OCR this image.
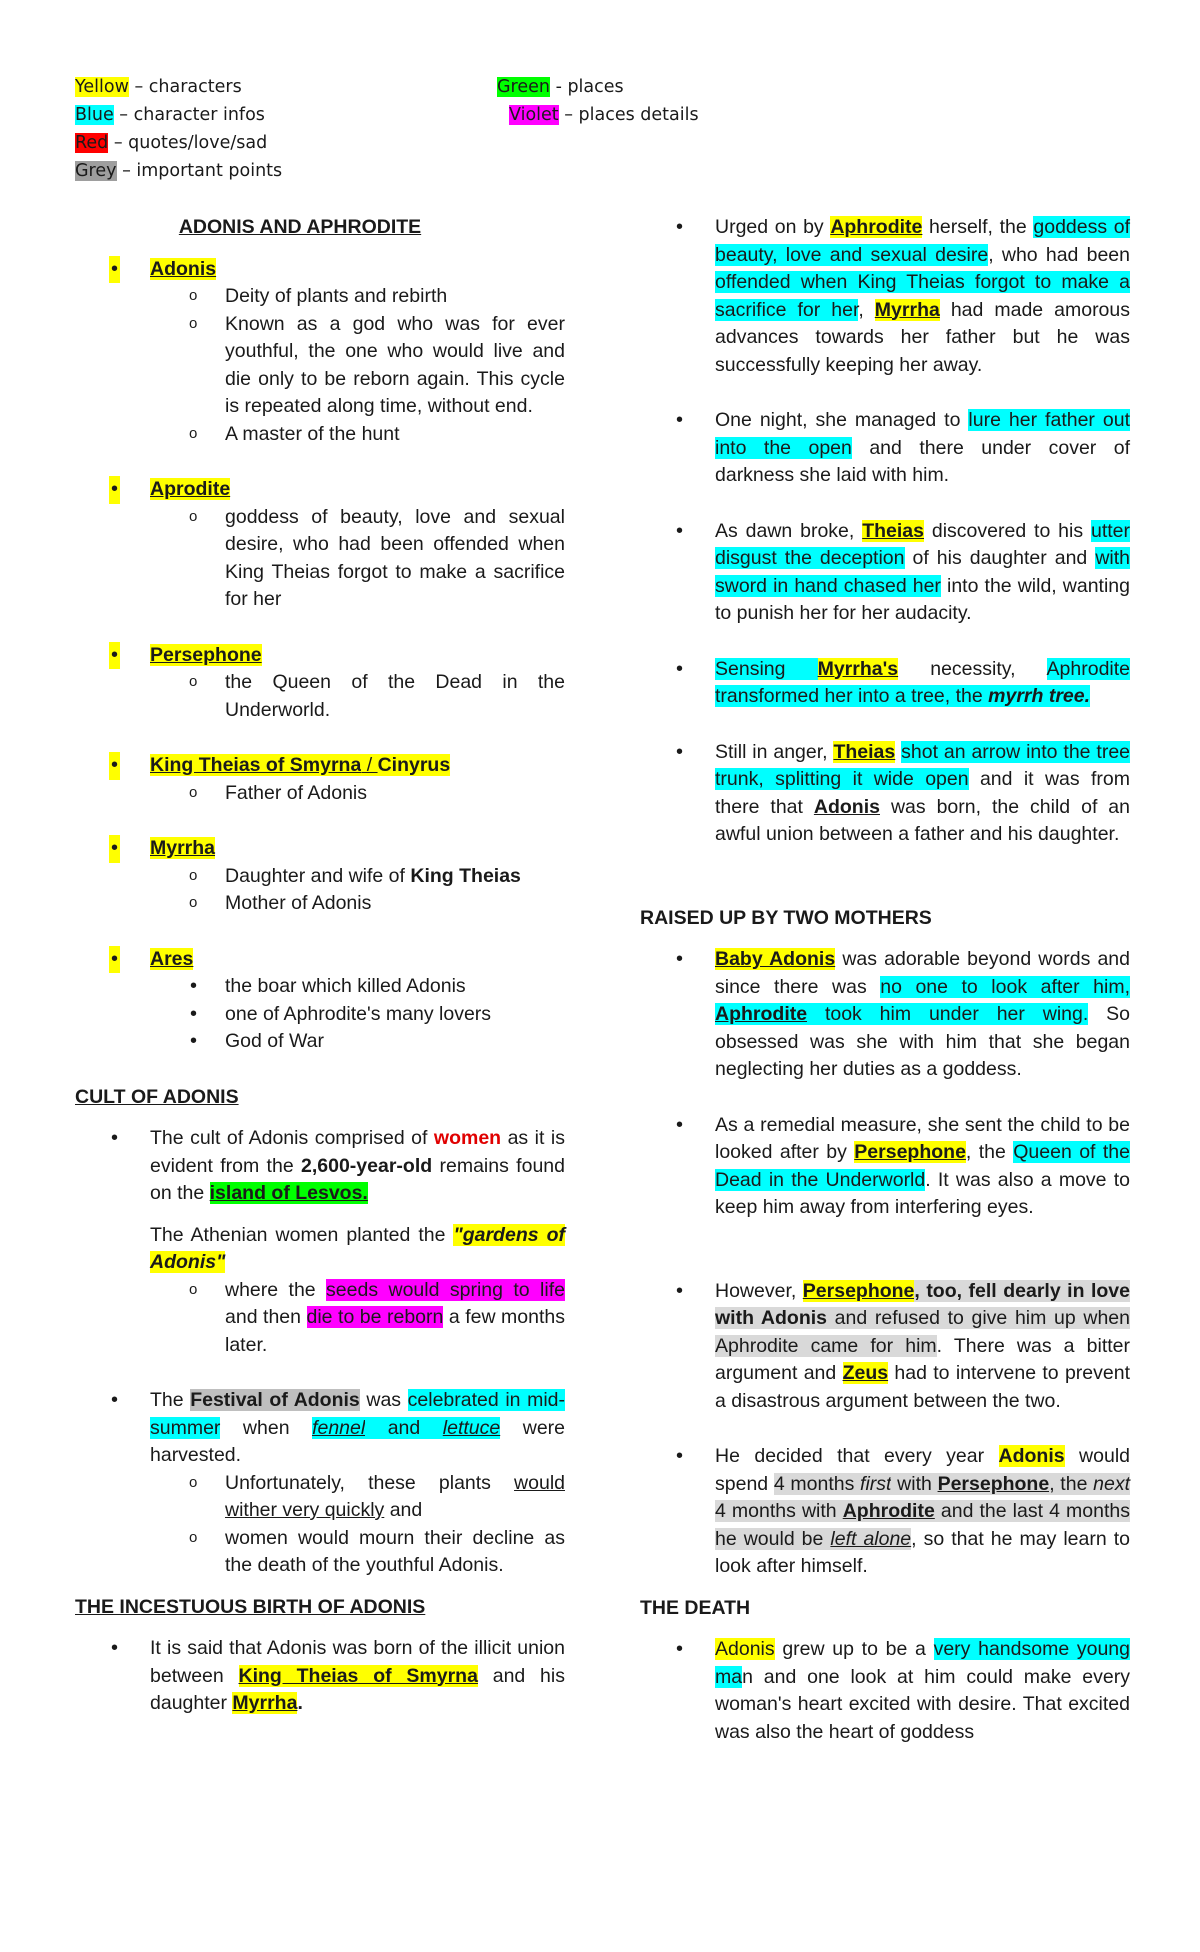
Yellow – characters
Blue – character infos
Red – quotes/love/sad
Grey – important points
Green - places
Violet – places details

ADONIS AND APHRODITE

• Adonis
o Deity of plants and rebirth
o Known as a god who was for ever youthful, the one who would live and die only to be reborn again. This cycle is repeated along time, without end.
o A master of the hunt
• Aprodite
o goddess of beauty, love and sexual desire, who had been offended when King Theias forgot to make a sacrifice for her
• Persephone
o the Queen of the Dead in the Underworld.
• King Theias of Smyrna / Cinyrus
o Father of Adonis
• Myrrha
o Daughter and wife of King Theias
o Mother of Adonis
• Ares
• the boar which killed Adonis
• one of Aphrodite's many lovers
• God of War

CULT OF ADONIS

• The cult of Adonis comprised of women as it is evident from the 2,600-year-old remains found on the island of Lesvos.

The Athenian women planted the "gardens of Adonis"

o where the seeds would spring to life and then die to be reborn a few months later.
• The Festival of Adonis was celebrated in mid-summer when fennel and lettuce were harvested.
o Unfortunately, these plants would wither very quickly and
o women would mourn their decline as the death of the youthful Adonis.

THE INCESTUOUS BIRTH OF ADONIS

• It is said that Adonis was born of the illicit union between King Theias of Smyrna and his daughter Myrrha.
• Urged on by Aphrodite herself, the goddess of beauty, love and sexual desire, who had been offended when King Theias forgot to make a sacrifice for her, Myrrha had made amorous advances towards her father but he was successfully keeping her away.
• One night, she managed to lure her father out into the open and there under cover of darkness she laid with him.
• As dawn broke, Theias discovered to his utter disgust the deception of his daughter and with sword in hand chased her into the wild, wanting to punish her for her audacity.
• Sensing Myrrha's necessity, Aphrodite transformed her into a tree, the myrrh tree.
• Still in anger, Theias shot an arrow into the tree trunk, splitting it wide open and it was from there that Adonis was born, the child of an awful union between a father and his daughter.

RAISED UP BY TWO MOTHERS

• Baby Adonis was adorable beyond words and since there was no one to look after him, Aphrodite took him under her wing. So obsessed was she with him that she began neglecting her duties as a goddess.
• As a remedial measure, she sent the child to be looked after by Persephone, the Queen of the Dead in the Underworld. It was also a move to keep him away from interfering eyes.
• However, Persephone, too, fell dearly in love with Adonis and refused to give him up when Aphrodite came for him. There was a bitter argument and Zeus had to intervene to prevent a disastrous argument between the two.
• He decided that every year Adonis would spend 4 months first with Persephone, the next 4 months with Aphrodite and the last 4 months he would be left alone, so that he may learn to look after himself.

THE DEATH

• Adonis grew up to be a very handsome young man and one look at him could make every woman's heart excited with desire. That excited was also the heart of goddess
